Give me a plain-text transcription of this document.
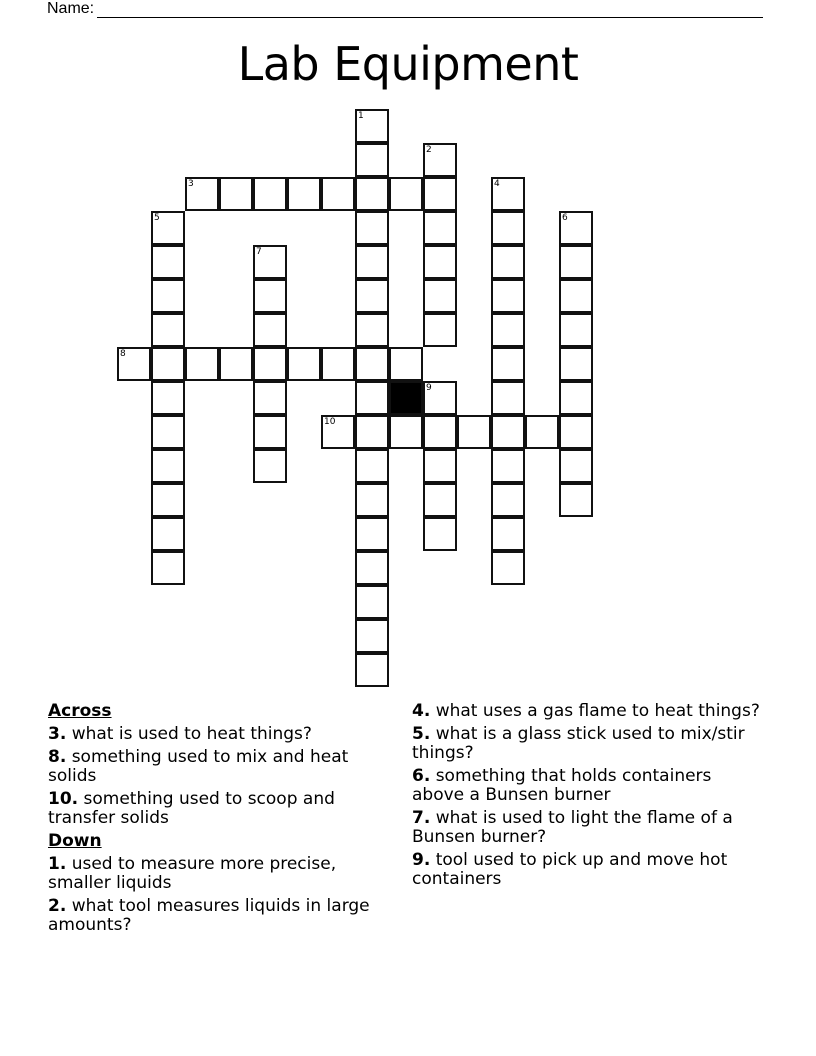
Name:
Lab Equipment
1
2
3	4
5	6
7
8
9
10
Across
3. what is used to heat things?
8. something used to mix and heat solids
10. something used to scoop and transfer solids
Down
1. used to measure more precise, smaller liquids
2. what tool measures liquids in large amounts?
4. what uses a gas flame to heat things?
5. what is a glass stick used to mix/stir things?
6. something that holds containers above a Bunsen burner
7. what is used to light the flame of a Bunsen burner?
9. tool used to pick up and move hot containers
